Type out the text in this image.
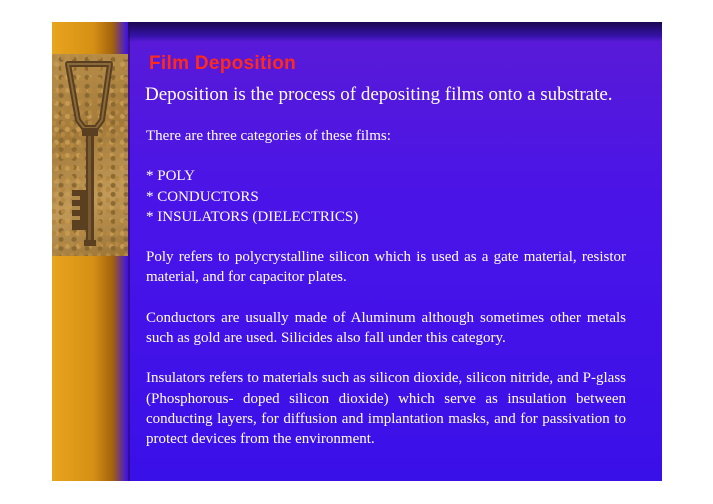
Film Deposition

Deposition is the process of depositing films onto a substrate.

There are three categories of these films:

* POLY

* CONDUCTORS

* INSULATORS (DIELECTRICS)

Poly refers to polycrystalline silicon which is used as a gate material, resistor material, and for capacitor plates.

Conductors are usually made of Aluminum although sometimes other metals such as gold are used. Silicides also fall under this category.

Insulators refers to materials such as silicon dioxide, silicon nitride, and P-glass (Phosphorous- doped silicon dioxide) which serve as insulation between conducting layers, for diffusion and implantation masks, and for passivation to protect devices from the environment.
